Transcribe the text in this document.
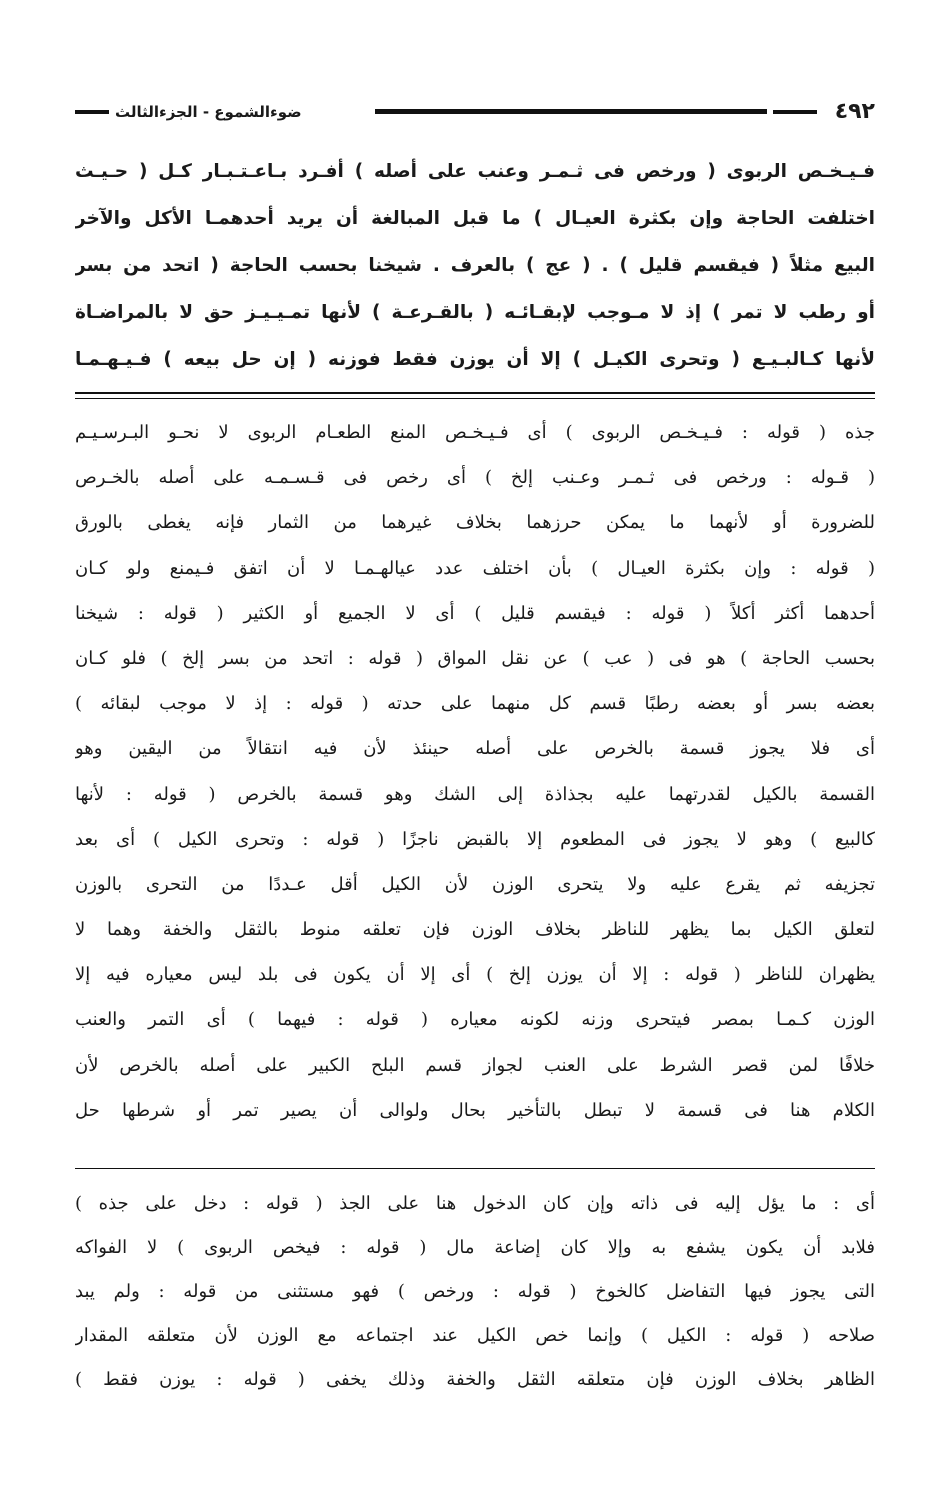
٤٩٢
ضوءالشموع - الجزءالثالث
فـيـخـص الربوى ( ورخص فى ثـمـر وعنب على أصله ) أفـرد بـاعـتـبـار كـل ( حـيـث
اختلفت الحاجة وإن بكثرة العيـال ) ما قبل المبالغة أن يريد أحدهمـا الأكل والآخر
البيع مثلاً ( فيقسم قليل ) . ( عج ) بالعرف . شيخنا بحسب الحاجة ( اتحد من بسر
أو رطب لا تمر ) إذ لا مـوجب لإبقـائـه ( بالقـرعـة ) لأنها تمـيـيـز حق لا بالمراضـاة
لأنها كـالبـيـع ( وتحرى الكيـل ) إلا أن يوزن فقط فوزنه ( إن حل بيعه ) فـيـهـمـا
جذه ( قوله : فـيـخـص الربوى ) أى فـيـخـص المنع الطعـام الربوى لا نحـو البـرسـيـم
( قـوله : ورخص فى ثـمـر وعـنب إلخ ) أى رخص فى قـسـمـه على أصله بالخـرص
للضرورة أو لأنهما ما يمكن حرزهما بخلاف غيرهما من الثمار فإنه يغطى بالورق
( قوله : وإن بكثرة العيـال ) بأن اختلف عدد عيالهـمـا لا أن اتفق فـيمنع ولو كـان
أحدهما أكثر أكلاً ( قوله : فيقسم قليل ) أى لا الجميع أو الكثير ( قوله : شيخنا
بحسب الحاجة ) هو فى ( عب ) عن نقل المواق ( قوله : اتحد من بسر إلخ ) فلو كـان
بعضه بسر أو بعضه رطبًا قسم كل منهما على حدته ( قوله : إذ لا موجب لبقائه )
أى فلا يجوز قسمة بالخرص على أصله حينئذ لأن فيه انتقالاً من اليقين وهو
القسمة بالكيل لقدرتهما عليه بجذاذة إلى الشك وهو قسمة بالخرص ( قوله : لأنها
كالبيع ) وهو لا يجوز فى المطعوم إلا بالقبض ناجزًا ( قوله : وتحرى الكيل ) أى بعد
تجزيفه ثم يقرع عليه ولا يتحرى الوزن لأن الكيل أقل عـددًا من التحرى بالوزن
لتعلق الكيل بما يظهر للناظر بخلاف الوزن فإن تعلقه منوط بالثقل والخفة وهما لا
يظهران للناظر ( قوله : إلا أن يوزن إلخ ) أى إلا أن يكون فى بلد ليس معياره فيه إلا
الوزن كـمـا بمصر فيتحرى وزنه لكونه معياره ( قوله : فيهما ) أى التمر والعنب
خلافًا لمن قصر الشرط على العنب لجواز قسم البلح الكبير على أصله بالخرص لأن
الكلام هنا فى قسمة لا تبطل بالتأخير بحال ولوالى أن يصير تمر أو شرطها حل
أى : ما يؤل إليه فى ذاته وإن كان الدخول هنا على الجذ ( قوله : دخل على جذه )
فلابد أن يكون يشفع به وإلا كان إضاعة مال ( قوله : فيخص الربوى ) لا الفواكه
التى يجوز فيها التفاضل كالخوخ ( قوله : ورخص ) فهو مستثنى من قوله : ولم يبد
صلاحه ( قوله : الكيل ) وإنما خص الكيل عند اجتماعه مع الوزن لأن متعلقه المقدار
الظاهر بخلاف الوزن فإن متعلقه الثقل والخفة وذلك يخفى ( قوله : يوزن فقط )
